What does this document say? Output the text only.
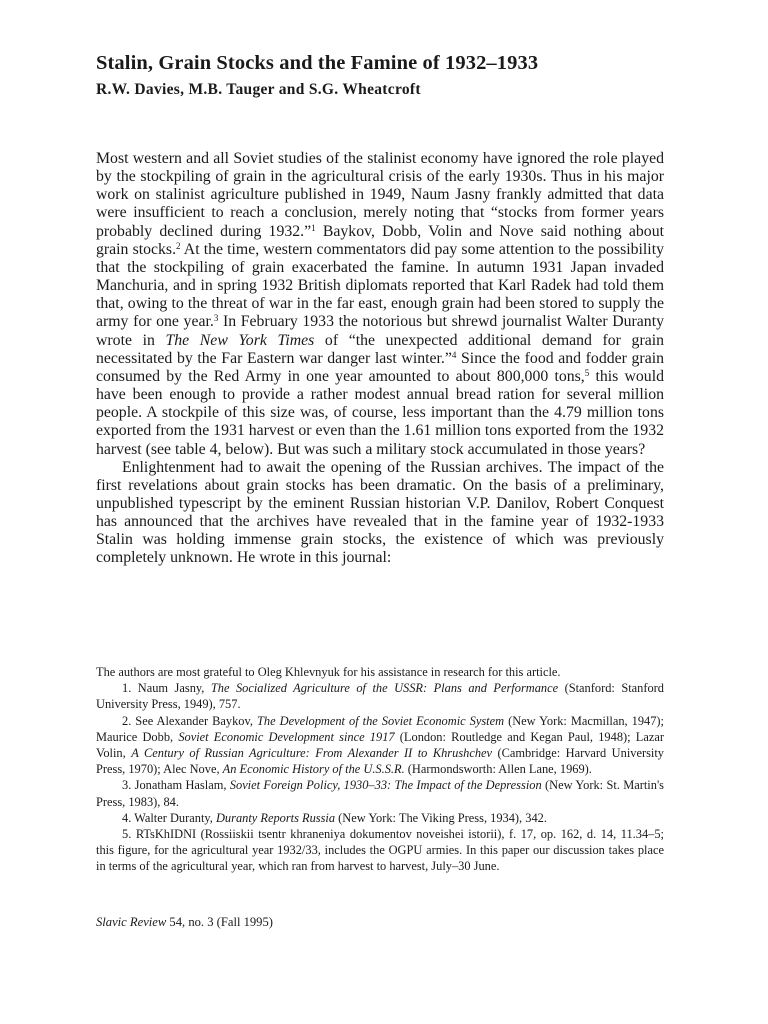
Stalin, Grain Stocks and the Famine of 1932–1933

R.W. Davies, M.B. Tauger and S.G. Wheatcroft

Most western and all Soviet studies of the stalinist economy have ignored the role played by the stockpiling of grain in the agricultural crisis of the early 1930s. Thus in his major work on stalinist agriculture published in 1949, Naum Jasny frankly admitted that data were insufficient to reach a conclusion, merely noting that “stocks from former years probably declined during 1932.”$^1$ Baykov, Dobb, Volin and Nove said nothing about grain stocks.$^2$ At the time, western commentators did pay some attention to the possibility that the stockpiling of grain exacerbated the famine. In autumn 1931 Japan invaded Manchuria, and in spring 1932 British diplomats reported that Karl Radek had told them that, owing to the threat of war in the far east, enough grain had been stored to supply the army for one year.$^3$ In February 1933 the notorious but shrewd journalist Walter Duranty wrote in The New York Times of “the unexpected additional demand for grain necessitated by the Far Eastern war danger last winter.”$^4$ Since the food and fodder grain consumed by the Red Army in one year amounted to about 800,000 tons,$^5$ this would have been enough to provide a rather modest annual bread ration for several million people. A stockpile of this size was, of course, less important than the 4.79 million tons exported from the 1931 harvest or even than the 1.61 million tons exported from the 1932 harvest (see table 4, below). But was such a military stock accumulated in those years?

Enlightenment had to await the opening of the Russian archives. The impact of the first revelations about grain stocks has been dramatic. On the basis of a preliminary, unpublished typescript by the eminent Russian historian V.P. Danilov, Robert Conquest has announced that the archives have revealed that in the famine year of 1932-1933 Stalin was holding immense grain stocks, the existence of which was previously completely unknown. He wrote in this journal:

The authors are most grateful to Oleg Khlevnyuk for his assistance in research for this article.

1. Naum Jasny, The Socialized Agriculture of the USSR: Plans and Performance (Stanford: Stanford University Press, 1949), 757.

2. See Alexander Baykov, The Development of the Soviet Economic System (New York: Macmillan, 1947); Maurice Dobb, Soviet Economic Development since 1917 (London: Routledge and Kegan Paul, 1948); Lazar Volin, A Century of Russian Agriculture: From Alexander II to Khrushchev (Cambridge: Harvard University Press, 1970); Alec Nove, An Economic History of the U.S.S.R. (Harmondsworth: Allen Lane, 1969).

3. Jonatham Haslam, Soviet Foreign Policy, 1930–33: The Impact of the Depression (New York: St. Martin's Press, 1983), 84.

4. Walter Duranty, Duranty Reports Russia (New York: The Viking Press, 1934), 342.

5. RTsKhIDNI (Rossiiskii tsentr khraneniya dokumentov noveishei istorii), f. 17, op. 162, d. 14, 11.34–5; this figure, for the agricultural year 1932/33, includes the OGPU armies. In this paper our discussion takes place in terms of the agricultural year, which ran from harvest to harvest, July–30 June.

Slavic Review 54, no. 3 (Fall 1995)
